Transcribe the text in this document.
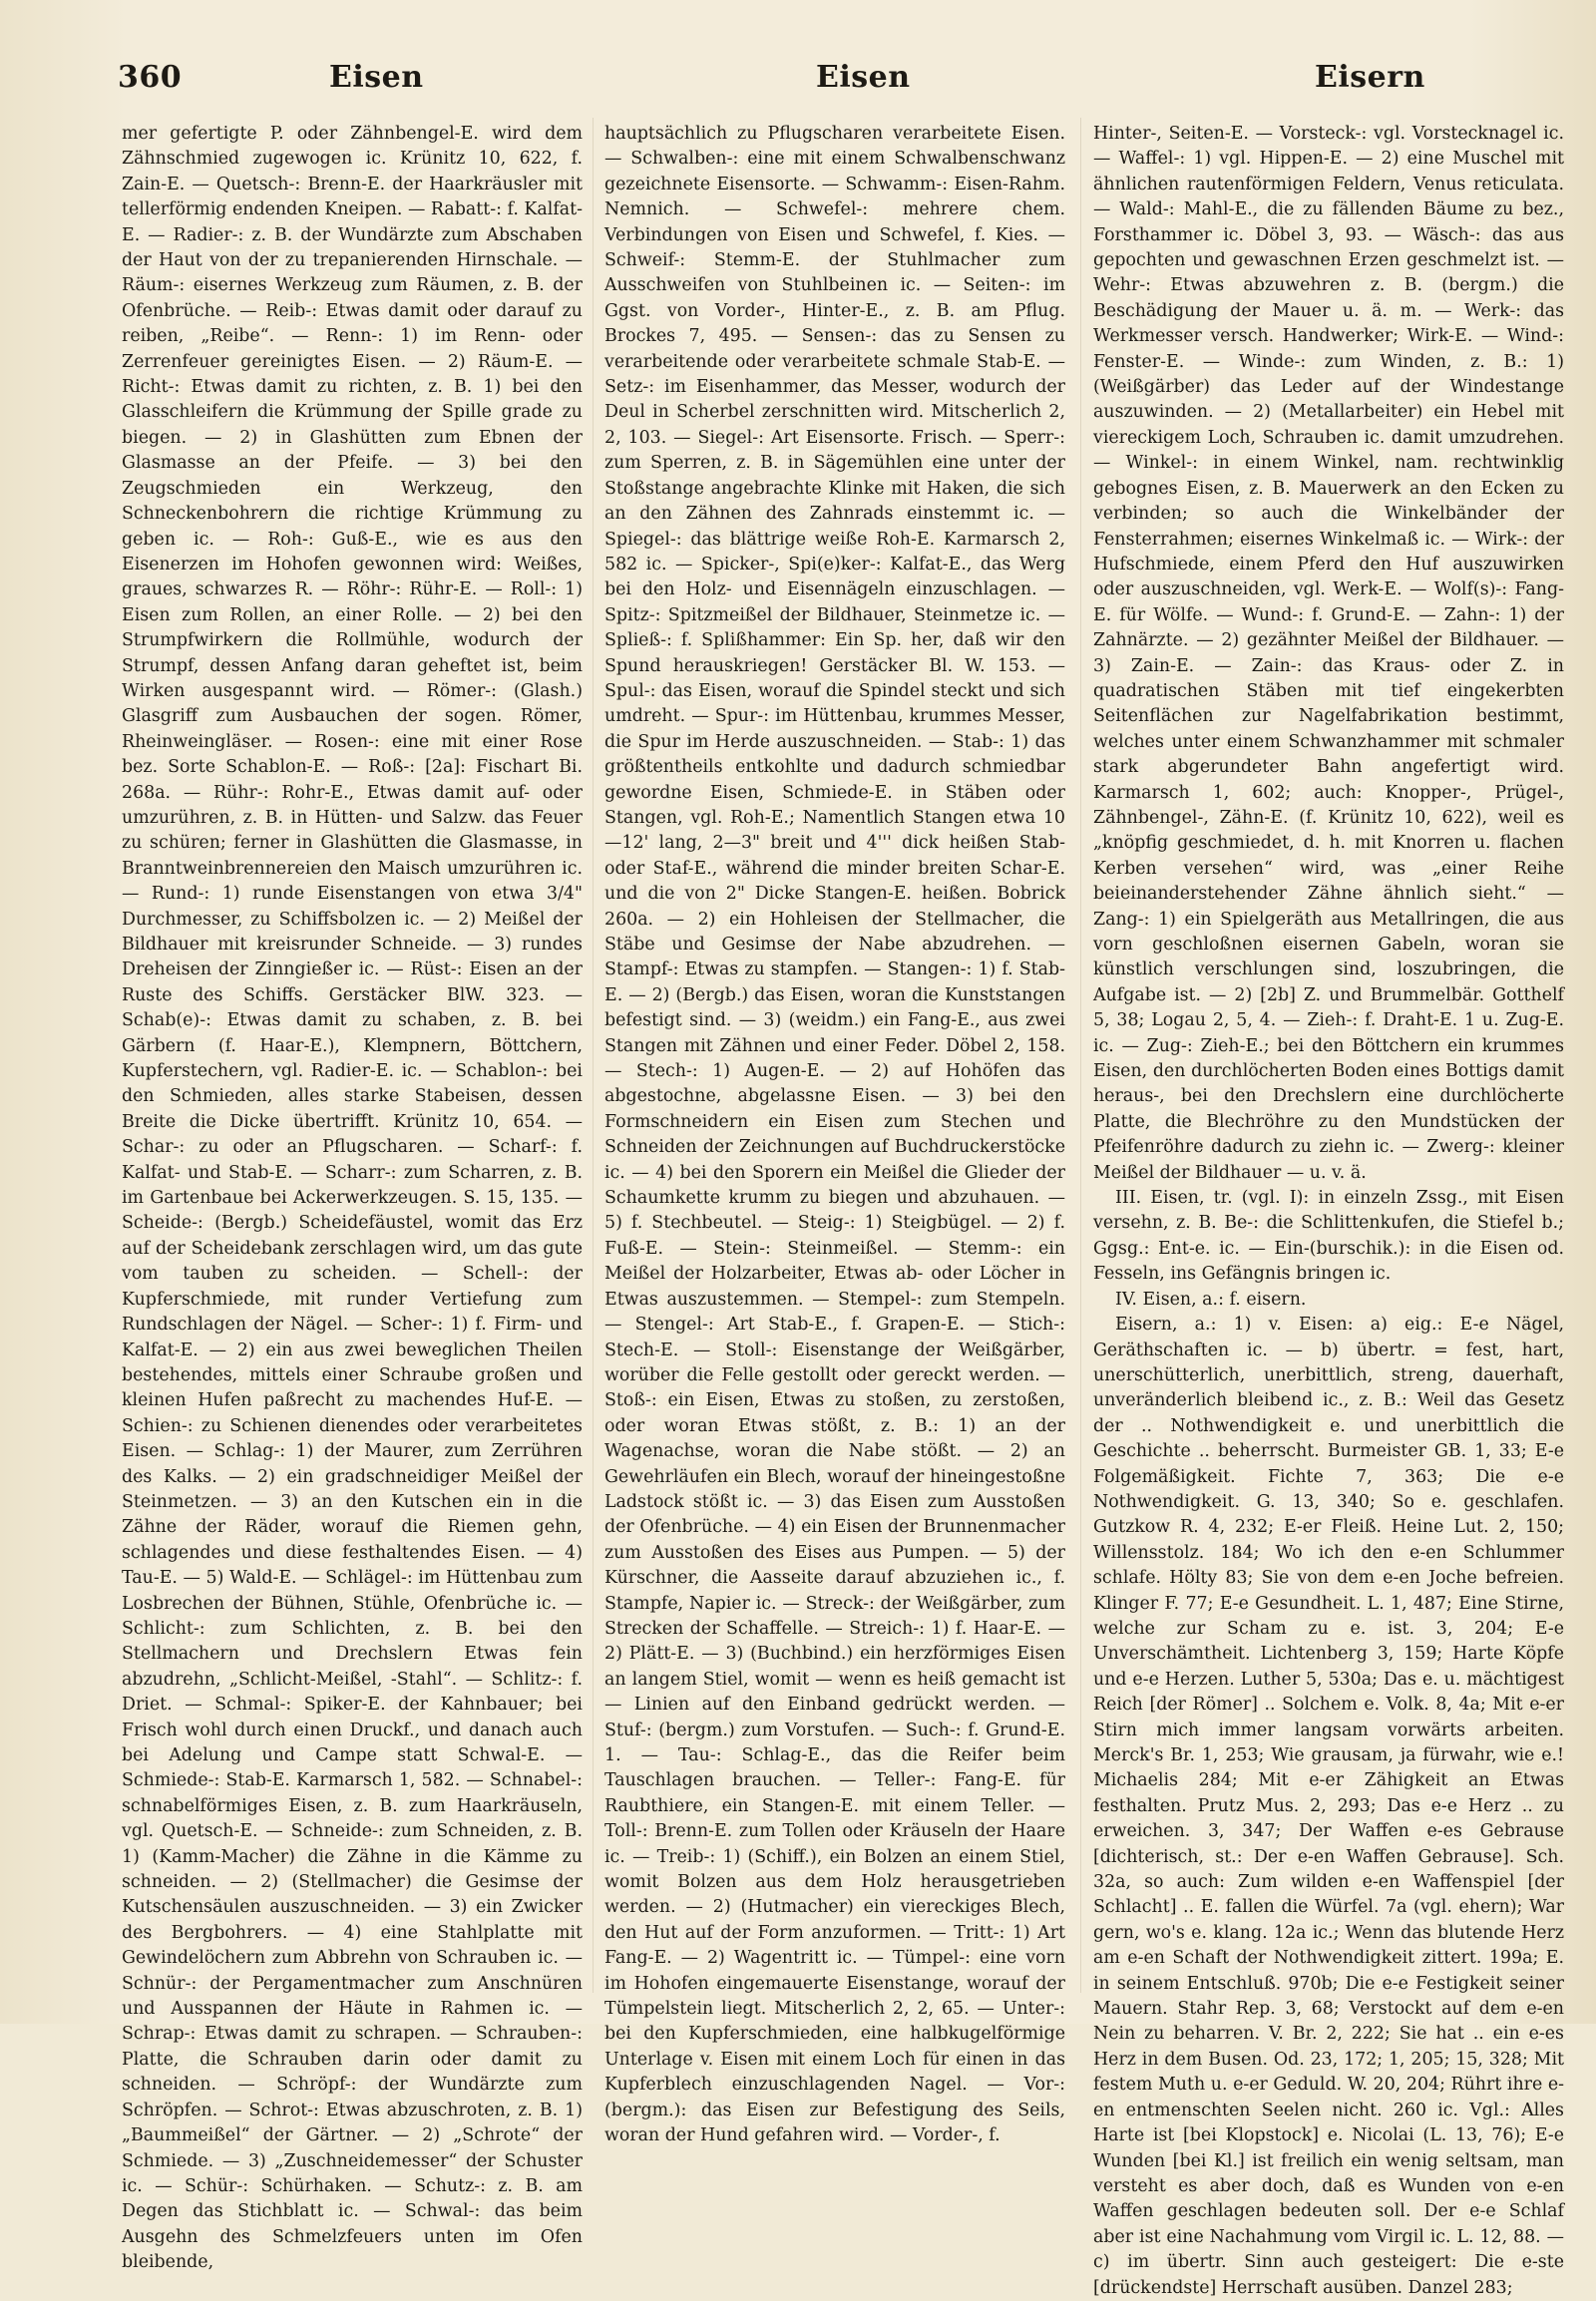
360	Eisen	Eisen	Eisern

mer gefertigte P. oder Zähnbengel-E. wird dem Zähnschmied zugewogen ic. Krünitz 10, 622, f. Zain-E. — Quetsch-: Brenn-E. der Haarkräusler mit tellerförmig endenden Kneipen. — Rabatt-: f. Kalfat-E. — Radier-: z. B. der Wundärzte zum Abschaben der Haut von der zu trepanierenden Hirnschale. — Räum-: eisernes Werkzeug zum Räumen, z. B. der Ofenbrüche. — Reib-: Etwas damit oder darauf zu reiben, „Reibe“. — Renn-: 1) im Renn- oder Zerrenfeuer gereinigtes Eisen. — 2) Räum-E. — Richt-: Etwas damit zu richten, z. B. 1) bei den Glasschleifern die Krümmung der Spille grade zu biegen. — 2) in Glashütten zum Ebnen der Glasmasse an der Pfeife. — 3) bei den Zeugschmieden ein Werkzeug, den Schneckenbohrern die richtige Krümmung zu geben ic. — Roh-: Guß-E., wie es aus den Eisenerzen im Hohofen gewonnen wird: Weißes, graues, schwarzes R. — Röhr-: Rühr-E. — Roll-: 1) Eisen zum Rollen, an einer Rolle. — 2) bei den Strumpfwirkern die Rollmühle, wodurch der Strumpf, dessen Anfang daran geheftet ist, beim Wirken ausgespannt wird. — Römer-: (Glash.) Glasgriff zum Ausbauchen der sogen. Römer, Rheinweingläser. — Rosen-: eine mit einer Rose bez. Sorte Schablon-E. — Roß-: [2a]: Fischart Bi. 268a. — Rühr-: Rohr-E., Etwas damit auf- oder umzurühren, z. B. in Hütten- und Salzw. das Feuer zu schüren; ferner in Glashütten die Glasmasse, in Branntweinbrennereien den Maisch umzurühren ic. — Rund-: 1) runde Eisenstangen von etwa 3/4" Durchmesser, zu Schiffsbolzen ic. — 2) Meißel der Bildhauer mit kreisrunder Schneide. — 3) rundes Dreheisen der Zinngießer ic. — Rüst-: Eisen an der Ruste des Schiffs. Gerstäcker BlW. 323. — Schab(e)-: Etwas damit zu schaben, z. B. bei Gärbern (f. Haar-E.), Klempnern, Böttchern, Kupferstechern, vgl. Radier-E. ic. — Schablon-: bei den Schmieden, alles starke Stabeisen, dessen Breite die Dicke übertrifft. Krünitz 10, 654. — Schar-: zu oder an Pflugscharen. — Scharf-: f. Kalfat- und Stab-E. — Scharr-: zum Scharren, z. B. im Gartenbaue bei Ackerwerkzeugen. S. 15, 135. — Scheide-: (Bergb.) Scheidefäustel, womit das Erz auf der Scheidebank zerschlagen wird, um das gute vom tauben zu scheiden. — Schell-: der Kupferschmiede, mit runder Vertiefung zum Rundschlagen der Nägel. — Scher-: 1) f. Firm- und Kalfat-E. — 2) ein aus zwei beweglichen Theilen bestehendes, mittels einer Schraube großen und kleinen Hufen paßrecht zu machendes Huf-E. — Schien-: zu Schienen dienendes oder verarbeitetes Eisen. — Schlag-: 1) der Maurer, zum Zerrühren des Kalks. — 2) ein gradschneidiger Meißel der Steinmetzen. — 3) an den Kutschen ein in die Zähne der Räder, worauf die Riemen gehn, schlagendes und diese festhaltendes Eisen. — 4) Tau-E. — 5) Wald-E. — Schlägel-: im Hüttenbau zum Losbrechen der Bühnen, Stühle, Ofenbrüche ic. — Schlicht-: zum Schlichten, z. B. bei den Stellmachern und Drechslern Etwas fein abzudrehn, „Schlicht-Meißel, -Stahl“. — Schlitz-: f. Driet. — Schmal-: Spiker-E. der Kahnbauer; bei Frisch wohl durch einen Druckf., und danach auch bei Adelung und Campe statt Schwal-E. — Schmiede-: Stab-E. Karmarsch 1, 582. — Schnabel-: schnabelförmiges Eisen, z. B. zum Haarkräuseln, vgl. Quetsch-E. — Schneide-: zum Schneiden, z. B. 1) (Kamm-Macher) die Zähne in die Kämme zu schneiden. — 2) (Stellmacher) die Gesimse der Kutschensäulen auszuschneiden. — 3) ein Zwicker des Bergbohrers. — 4) eine Stahlplatte mit Gewindelöchern zum Abbrehn von Schrauben ic. — Schnür-: der Pergamentmacher zum Anschnüren und Ausspannen der Häute in Rahmen ic. — Schrap-: Etwas damit zu schrapen. — Schrauben-: Platte, die Schrauben darin oder damit zu schneiden. — Schröpf-: der Wundärzte zum Schröpfen. — Schrot-: Etwas abzuschroten, z. B. 1) „Baummeißel“ der Gärtner. — 2) „Schrote“ der Schmiede. — 3) „Zuschneidemesser“ der Schuster ic. — Schür-: Schürhaken. — Schutz-: z. B. am Degen das Stichblatt ic. — Schwal-: das beim Ausgehn des Schmelzfeuers unten im Ofen bleibende,

hauptsächlich zu Pflugscharen verarbeitete Eisen. — Schwalben-: eine mit einem Schwalbenschwanz gezeichnete Eisensorte. — Schwamm-: Eisen-Rahm. Nemnich. — Schwefel-: mehrere chem. Verbindungen von Eisen und Schwefel, f. Kies. — Schweif-: Stemm-E. der Stuhlmacher zum Ausschweifen von Stuhlbeinen ic. — Seiten-: im Ggst. von Vorder-, Hinter-E., z. B. am Pflug. Brockes 7, 495. — Sensen-: das zu Sensen zu verarbeitende oder verarbeitete schmale Stab-E. — Setz-: im Eisenhammer, das Messer, wodurch der Deul in Scherbel zerschnitten wird. Mitscherlich 2, 2, 103. — Siegel-: Art Eisensorte. Frisch. — Sperr-: zum Sperren, z. B. in Sägemühlen eine unter der Stoßstange angebrachte Klinke mit Haken, die sich an den Zähnen des Zahnrads einstemmt ic. — Spiegel-: das blättrige weiße Roh-E. Karmarsch 2, 582 ic. — Spicker-, Spi(e)ker-: Kalfat-E., das Werg bei den Holz- und Eisennägeln einzuschlagen. — Spitz-: Spitzmeißel der Bildhauer, Steinmetze ic. — Spließ-: f. Splißhammer: Ein Sp. her, daß wir den Spund herauskriegen! Gerstäcker Bl. W. 153. — Spul-: das Eisen, worauf die Spindel steckt und sich umdreht. — Spur-: im Hüttenbau, krummes Messer, die Spur im Herde auszuschneiden. — Stab-: 1) das größtentheils entkohlte und dadurch schmiedbar gewordne Eisen, Schmiede-E. in Stäben oder Stangen, vgl. Roh-E.; Namentlich Stangen etwa 10—12' lang, 2—3" breit und 4''' dick heißen Stab- oder Staf-E., während die minder breiten Schar-E. und die von 2" Dicke Stangen-E. heißen. Bobrick 260a. — 2) ein Hohleisen der Stellmacher, die Stäbe und Gesimse der Nabe abzudrehen. — Stampf-: Etwas zu stampfen. — Stangen-: 1) f. Stab-E. — 2) (Bergb.) das Eisen, woran die Kunststangen befestigt sind. — 3) (weidm.) ein Fang-E., aus zwei Stangen mit Zähnen und einer Feder. Döbel 2, 158. — Stech-: 1) Augen-E. — 2) auf Hohöfen das abgestochne, abgelassne Eisen. — 3) bei den Formschneidern ein Eisen zum Stechen und Schneiden der Zeichnungen auf Buchdruckerstöcke ic. — 4) bei den Sporern ein Meißel die Glieder der Schaumkette krumm zu biegen und abzuhauen. — 5) f. Stechbeutel. — Steig-: 1) Steigbügel. — 2) f. Fuß-E. — Stein-: Steinmeißel. — Stemm-: ein Meißel der Holzarbeiter, Etwas ab- oder Löcher in Etwas auszustemmen. — Stempel-: zum Stempeln. — Stengel-: Art Stab-E., f. Grapen-E. — Stich-: Stech-E. — Stoll-: Eisenstange der Weißgärber, worüber die Felle gestollt oder gereckt werden. — Stoß-: ein Eisen, Etwas zu stoßen, zu zerstoßen, oder woran Etwas stößt, z. B.: 1) an der Wagenachse, woran die Nabe stößt. — 2) an Gewehrläufen ein Blech, worauf der hineingestoßne Ladstock stößt ic. — 3) das Eisen zum Ausstoßen der Ofenbrüche. — 4) ein Eisen der Brunnenmacher zum Ausstoßen des Eises aus Pumpen. — 5) der Kürschner, die Aasseite darauf abzuziehen ic., f. Stampfe, Napier ic. — Streck-: der Weißgärber, zum Strecken der Schaffelle. — Streich-: 1) f. Haar-E. — 2) Plätt-E. — 3) (Buchbind.) ein herzförmiges Eisen an langem Stiel, womit — wenn es heiß gemacht ist — Linien auf den Einband gedrückt werden. — Stuf-: (bergm.) zum Vorstufen. — Such-: f. Grund-E. 1. — Tau-: Schlag-E., das die Reifer beim Tauschlagen brauchen. — Teller-: Fang-E. für Raubthiere, ein Stangen-E. mit einem Teller. — Toll-: Brenn-E. zum Tollen oder Kräuseln der Haare ic. — Treib-: 1) (Schiff.), ein Bolzen an einem Stiel, womit Bolzen aus dem Holz herausgetrieben werden. — 2) (Hutmacher) ein viereckiges Blech, den Hut auf der Form anzuformen. — Tritt-: 1) Art Fang-E. — 2) Wagentritt ic. — Tümpel-: eine vorn im Hohofen eingemauerte Eisenstange, worauf der Tümpelstein liegt. Mitscherlich 2, 2, 65. — Unter-: bei den Kupferschmieden, eine halbkugelförmige Unterlage v. Eisen mit einem Loch für einen in das Kupferblech einzuschlagenden Nagel. — Vor-: (bergm.): das Eisen zur Befestigung des Seils, woran der Hund gefahren wird. — Vorder-, f.

Hinter-, Seiten-E. — Vorsteck-: vgl. Vorstecknagel ic. — Waffel-: 1) vgl. Hippen-E. — 2) eine Muschel mit ähnlichen rautenförmigen Feldern, Venus reticulata. — Wald-: Mahl-E., die zu fällenden Bäume zu bez., Forsthammer ic. Döbel 3, 93. — Wäsch-: das aus gepochten und gewaschnen Erzen geschmelzt ist. — Wehr-: Etwas abzuwehren z. B. (bergm.) die Beschädigung der Mauer u. ä. m. — Werk-: das Werkmesser versch. Handwerker; Wirk-E. — Wind-: Fenster-E. — Winde-: zum Winden, z. B.: 1) (Weißgärber) das Leder auf der Windestange auszuwinden. — 2) (Metallarbeiter) ein Hebel mit viereckigem Loch, Schrauben ic. damit umzudrehen. — Winkel-: in einem Winkel, nam. rechtwinklig gebognes Eisen, z. B. Mauerwerk an den Ecken zu verbinden; so auch die Winkelbänder der Fensterrahmen; eisernes Winkelmaß ic. — Wirk-: der Hufschmiede, einem Pferd den Huf auszuwirken oder auszuschneiden, vgl. Werk-E. — Wolf(s)-: Fang-E. für Wölfe. — Wund-: f. Grund-E. — Zahn-: 1) der Zahnärzte. — 2) gezähnter Meißel der Bildhauer. — 3) Zain-E. — Zain-: das Kraus- oder Z. in quadratischen Stäben mit tief eingekerbten Seitenflächen zur Nagelfabrikation bestimmt, welches unter einem Schwanzhammer mit schmaler stark abgerundeter Bahn angefertigt wird. Karmarsch 1, 602; auch: Knopper-, Prügel-, Zähnbengel-, Zähn-E. (f. Krünitz 10, 622), weil es „knöpfig geschmiedet, d. h. mit Knorren u. flachen Kerben versehen“ wird, was „einer Reihe beieinanderstehender Zähne ähnlich sieht.“ — Zang-: 1) ein Spielgeräth aus Metallringen, die aus vorn geschloßnen eisernen Gabeln, woran sie künstlich verschlungen sind, loszubringen, die Aufgabe ist. — 2) [2b] Z. und Brummelbär. Gotthelf 5, 38; Logau 2, 5, 4. — Zieh-: f. Draht-E. 1 u. Zug-E. ic. — Zug-: Zieh-E.; bei den Böttchern ein krummes Eisen, den durchlöcherten Boden eines Bottigs damit heraus-, bei den Drechslern eine durchlöcherte Platte, die Blechröhre zu den Mundstücken der Pfeifenröhre dadurch zu ziehn ic. — Zwerg-: kleiner Meißel der Bildhauer — u. v. ä.

III. Eisen, tr. (vgl. I): in einzeln Zssg., mit Eisen versehn, z. B. Be-: die Schlittenkufen, die Stiefel b.; Ggsg.: Ent-e. ic. — Ein-(burschik.): in die Eisen od. Fesseln, ins Gefängnis bringen ic.

IV. Eisen, a.: f. eisern.

Eisern, a.: 1) v. Eisen: a) eig.: E-e Nägel, Geräthschaften ic. — b) übertr. = fest, hart, unerschütterlich, unerbittlich, streng, dauerhaft, unveränderlich bleibend ic., z. B.: Weil das Gesetz der .. Nothwendigkeit e. und unerbittlich die Geschichte .. beherrscht. Burmeister GB. 1, 33; E-e Folgemäßigkeit. Fichte 7, 363; Die e-e Nothwendigkeit. G. 13, 340; So e. geschlafen. Gutzkow R. 4, 232; E-er Fleiß. Heine Lut. 2, 150; Willensstolz. 184; Wo ich den e-en Schlummer schlafe. Hölty 83; Sie von dem e-en Joche befreien. Klinger F. 77; E-e Gesundheit. L. 1, 487; Eine Stirne, welche zur Scham zu e. ist. 3, 204; E-e Unverschämtheit. Lichtenberg 3, 159; Harte Köpfe und e-e Herzen. Luther 5, 530a; Das e. u. mächtigest Reich [der Römer] .. Solchem e. Volk. 8, 4a; Mit e-er Stirn mich immer langsam vorwärts arbeiten. Merck's Br. 1, 253; Wie grausam, ja fürwahr, wie e.! Michaelis 284; Mit e-er Zähigkeit an Etwas festhalten. Prutz Mus. 2, 293; Das e-e Herz .. zu erweichen. 3, 347; Der Waffen e-es Gebrause [dichterisch, st.: Der e-en Waffen Gebrause]. Sch. 32a, so auch: Zum wilden e-en Waffenspiel [der Schlacht] .. E. fallen die Würfel. 7a (vgl. ehern); War gern, wo's e. klang. 12a ic.; Wenn das blutende Herz am e-en Schaft der Nothwendigkeit zittert. 199a; E. in seinem Entschluß. 970b; Die e-e Festigkeit seiner Mauern. Stahr Rep. 3, 68; Verstockt auf dem e-en Nein zu beharren. V. Br. 2, 222; Sie hat .. ein e-es Herz in dem Busen. Od. 23, 172; 1, 205; 15, 328; Mit festem Muth u. e-er Geduld. W. 20, 204; Rührt ihre e-en entmenschten Seelen nicht. 260 ic. Vgl.: Alles Harte ist [bei Klopstock] e. Nicolai (L. 13, 76); E-e Wunden [bei Kl.] ist freilich ein wenig seltsam, man versteht es aber doch, daß es Wunden von e-en Waffen geschlagen bedeuten soll. Der e-e Schlaf aber ist eine Nachahmung vom Virgil ic. L. 12, 88. — c) im übertr. Sinn auch gesteigert: Die e-ste [drückendste] Herrschaft ausüben. Danzel 283;
